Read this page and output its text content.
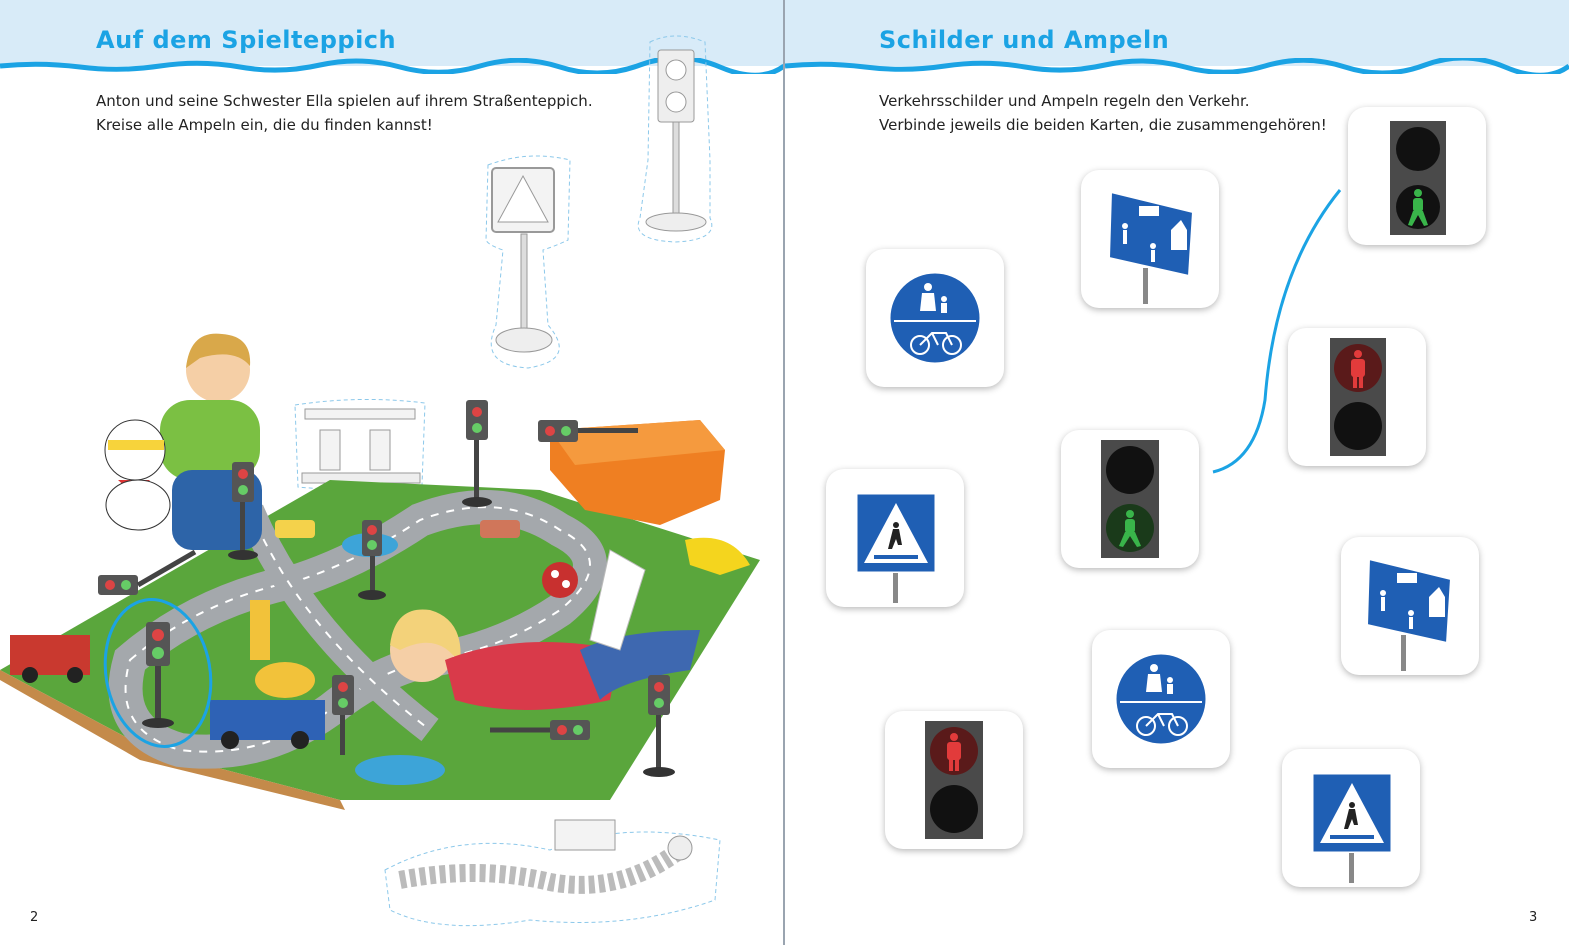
Auf dem Spielteppich
Anton und seine Schwester Ella spielen auf ihrem Straßenteppich.
Kreise alle Ampeln ein, die du finden kannst!
2
Schilder und Ampeln
Verkehrsschilder und Ampeln regeln den Verkehr.
Verbinde jeweils die beiden Karten, die zusammengehören!
3
